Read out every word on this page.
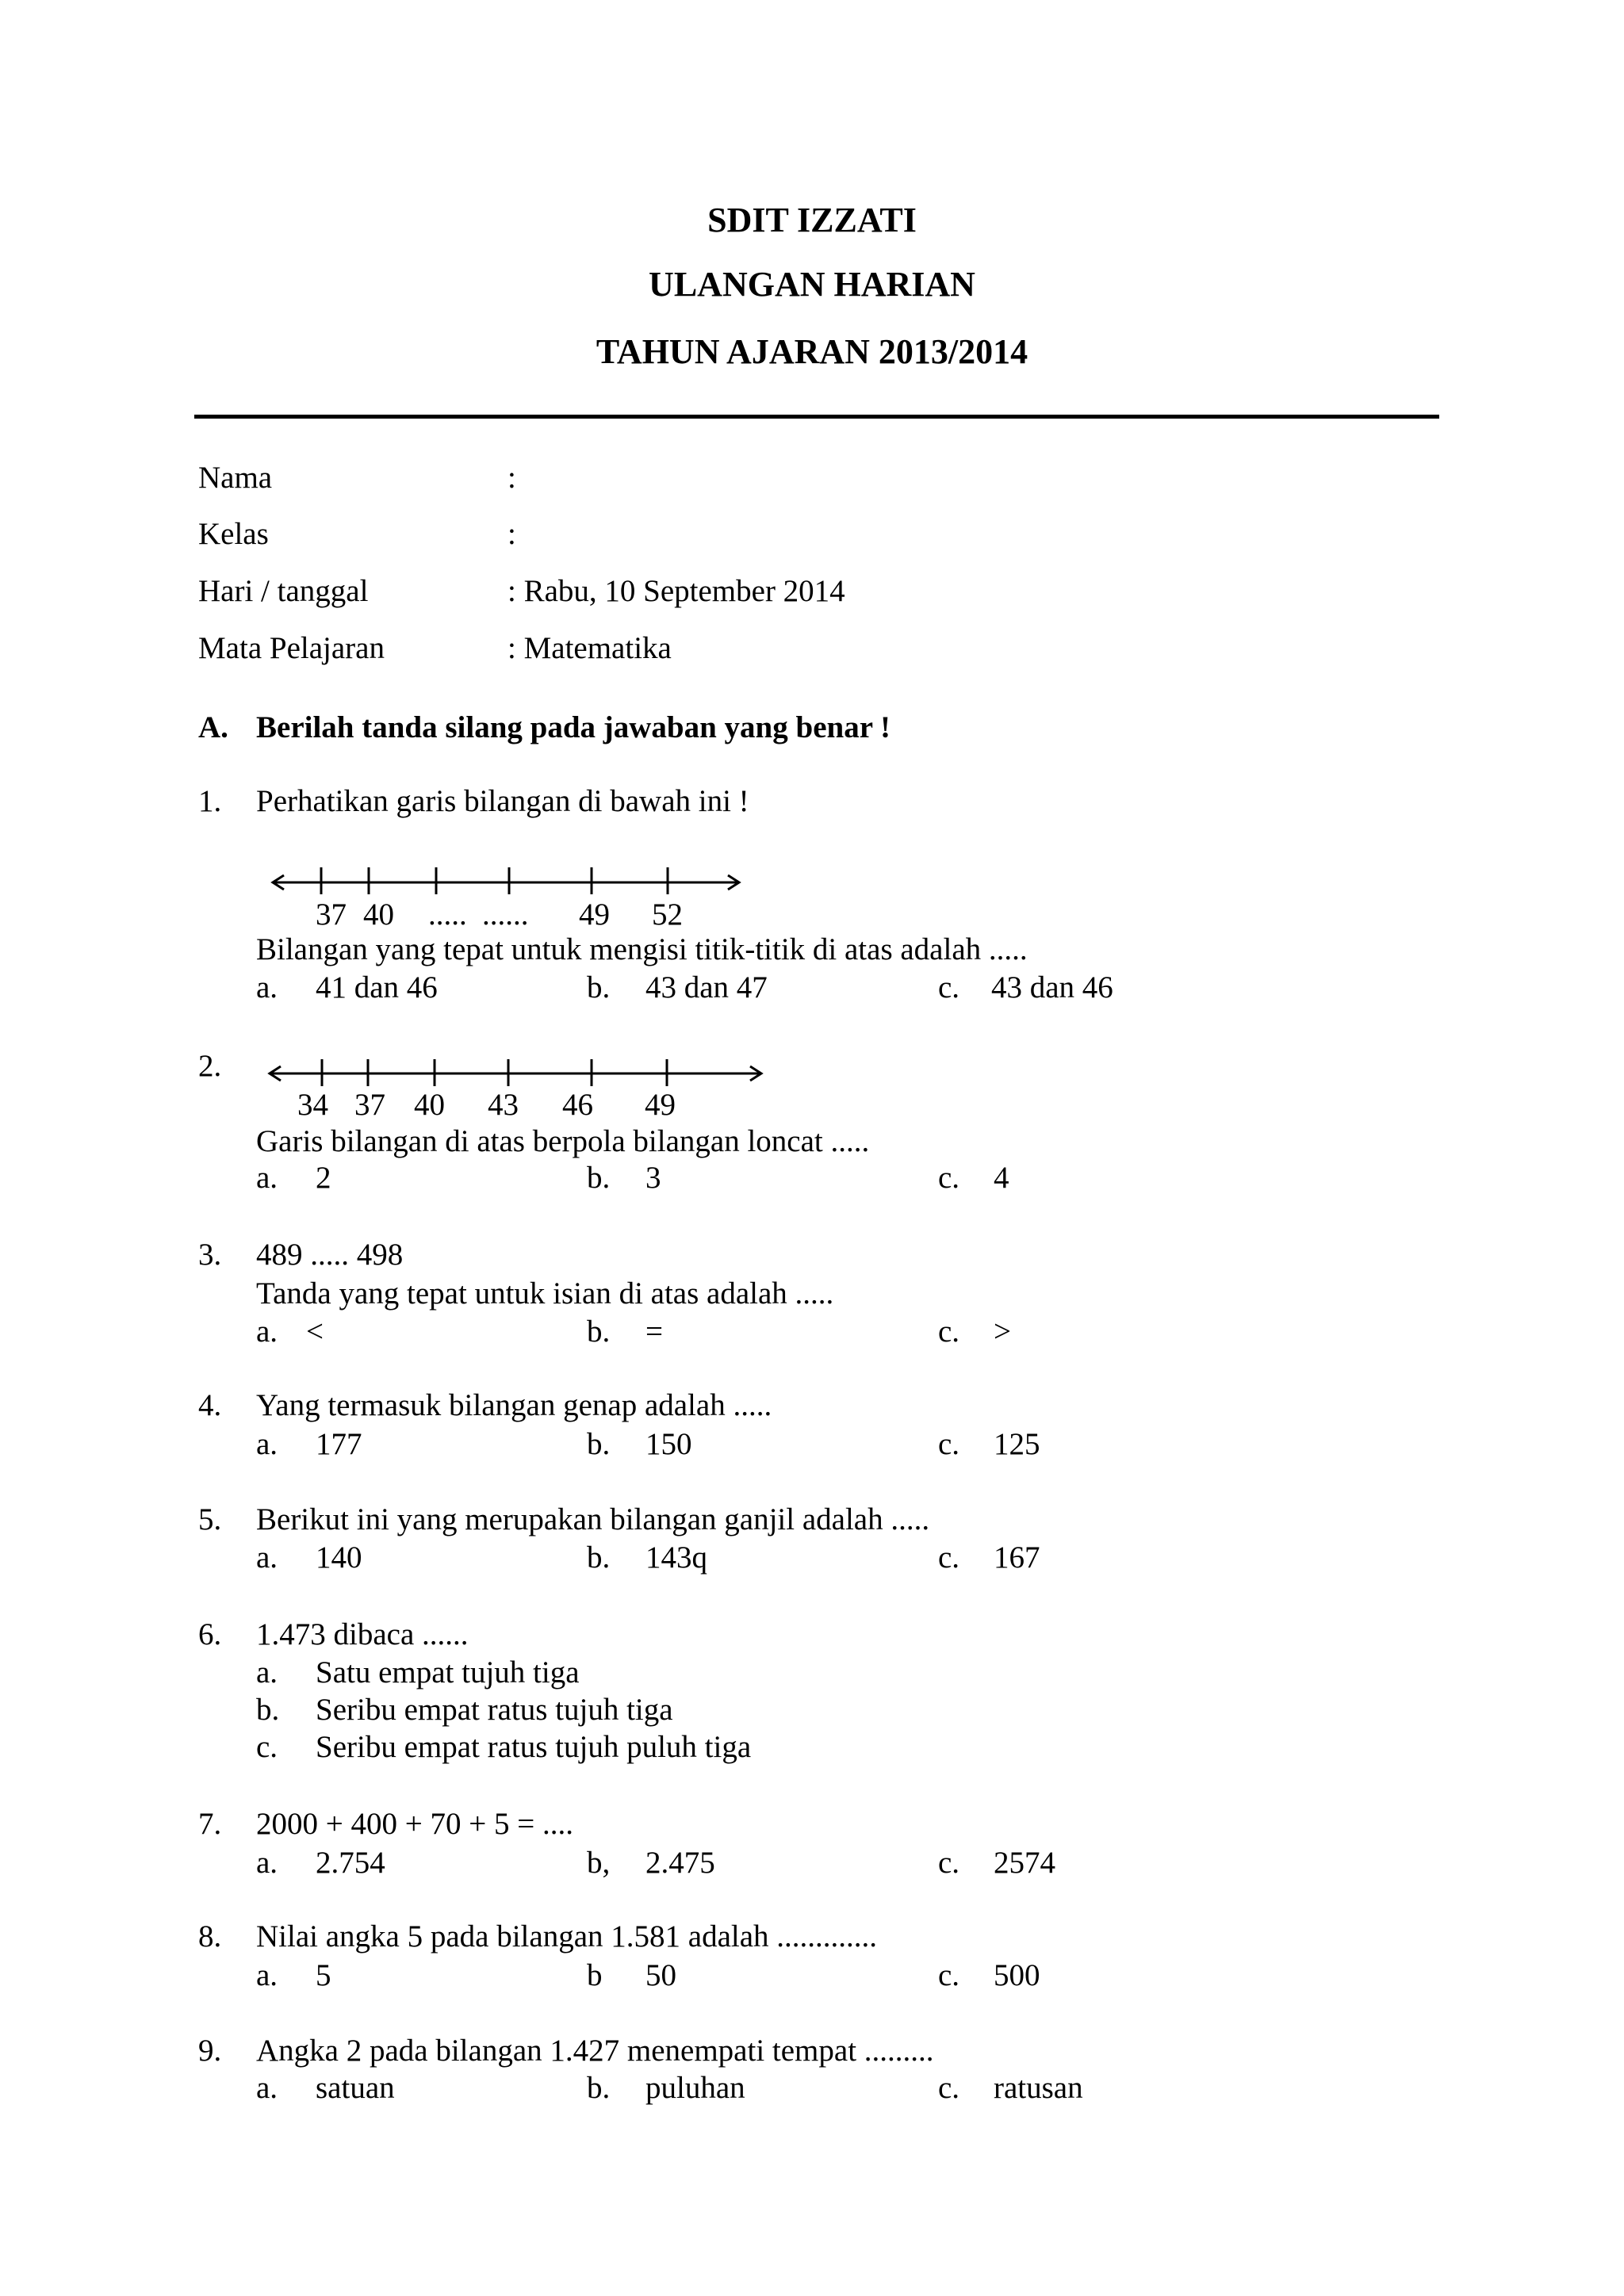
SDIT IZZATI
ULANGAN HARIAN
TAHUN AJARAN 2013/2014
Nama	:
Kelas	:
Hari / tanggal	: Rabu, 10 September 2014
Mata Pelajaran	: Matematika
A. Berilah tanda silang pada jawaban yang benar !
1. Perhatikan garis bilangan di bawah ini !
37 40 ..... ...... 49 52
Bilangan yang tepat untuk mengisi titik-titik di atas adalah .....
a. 41 dan 46	b. 43 dan 47	c. 43 dan 46
2.
34 37 40 43 46 49
Garis bilangan di atas berpola bilangan loncat .....
a. 2	b. 3	c. 4
3. 489 ..... 498
Tanda yang tepat untuk isian di atas adalah .....
a. <	b. =	c. >
4. Yang termasuk bilangan genap adalah .....
a. 177	b. 150	c. 125
5. Berikut ini yang merupakan bilangan ganjil adalah .....
a. 140	b. 143q	c. 167
6. 1.473 dibaca ......
a. Satu empat tujuh tiga
b. Seribu empat ratus tujuh tiga
c. Seribu empat ratus tujuh puluh tiga
7. 2000 + 400 + 70 + 5 = ....
a. 2.754	b, 2.475	c. 2574
8. Nilai angka 5 pada bilangan 1.581 adalah .............
a. 5	b 50	c. 500
9. Angka 2 pada bilangan 1.427 menempati tempat .........
a. satuan	b. puluhan	c. ratusan
